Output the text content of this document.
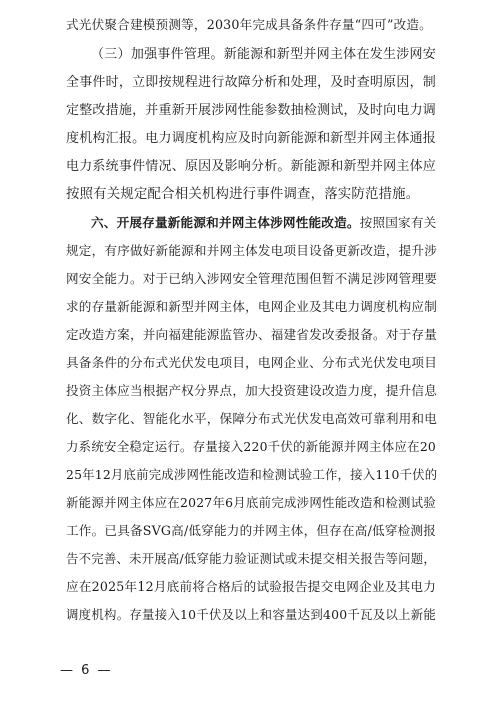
式光伏聚合建模预测等，2030年完成具备条件存量“四可”改造。
（三）加强事件管理。新能源和新型并网主体在发生涉网安
全事件时，立即按规程进行故障分析和处理，及时查明原因，制
定整改措施，并重新开展涉网性能参数抽检测试，及时向电力调
度机构汇报。电力调度机构应及时向新能源和新型并网主体通报
电力系统事件情况、原因及影响分析。新能源和新型并网主体应
按照有关规定配合相关机构进行事件调查，落实防范措施。
六、开展存量新能源和并网主体涉网性能改造。按照国家有关
规定，有序做好新能源和并网主体发电项目设备更新改造，提升涉
网安全能力。对于已纳入涉网安全管理范围但暂不满足涉网管理要
求的存量新能源和新型并网主体，电网企业及其电力调度机构应制
定改造方案，并向福建能源监管办、福建省发改委报备。对于存量
具备条件的分布式光伏发电项目，电网企业、分布式光伏发电项目
投资主体应当根据产权分界点，加大投资建设改造力度，提升信息
化、数字化、智能化水平，保障分布式光伏发电高效可靠利用和电
力系统安全稳定运行。存量接入220千伏的新能源并网主体应在20
25年12月底前完成涉网性能改造和检测试验工作，接入110千伏的
新能源并网主体应在2027年6月底前完成涉网性能改造和检测试验
工作。已具备SVG高/低穿能力的并网主体，但存在高/低穿检测报
告不完善、未开展高/低穿能力验证测试或未提交相关报告等问题，
应在2025年12月底前将合格后的试验报告提交电网企业及其电力
调度机构。存量接入10千伏及以上和容量达到400千瓦及以上新能
— 6 —
